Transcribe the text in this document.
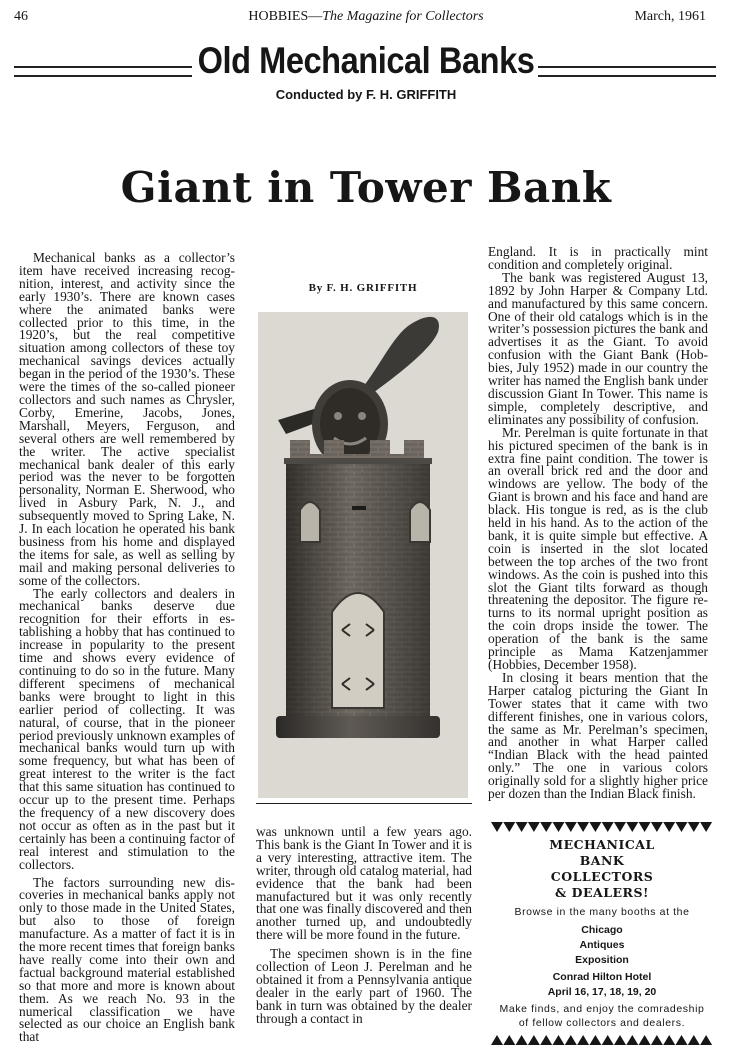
46	HOBBIES—The Magazine for Collectors	March, 1961
Old Mechanical Banks
Conducted by F. H. GRIFFITH
Giant in Tower Bank

Mechanical banks as a collector’s item have received increasing recognition, interest, and activity since the early 1930’s. There are known cases where the animated banks were collected prior to this time, in the 1920’s, but the real competitive situation among collectors of these toy mechanical savings devices actually began in the period of the 1930’s. These were the times of the so-called pioneer collectors and such names as Chrysler, Corby, Emerine, Jacobs, Jones, Marshall, Meyers, Ferguson, and several others are well remembered by the writer. The active specialist mechanical bank dealer of this early period was the never to be forgotten personality, Norman E. Sherwood, who lived in Asbury Park, N. J., and subsequently moved to Spring Lake, N. J. In each location he operated his bank business from his home and displayed the items for sale, as well as selling by mail and making personal deliveries to some of the collectors.

The early collectors and dealers in mechanical banks deserve due recognition for their efforts in establishing a hobby that has continued to increase in popularity to the present time and shows every evidence of continuing to do so in the future. Many different specimens of mechanical banks were brought to light in this earlier period of collecting. It was natural, of course, that in the pioneer period previously unknown examples of mechanical banks would turn up with some frequency, but what has been of great interest to the writer is the fact that this same situation has continued to occur up to the present time. Perhaps the frequency of a new discovery does not occur as often as in the past but it certainly has been a continuing factor of real interest and stimulation to the collectors.

The factors surrounding new discoveries in mechanical banks apply not only to those made in the United States, but also to those of foreign manufacture. As a matter of fact it is in the more recent times that foreign banks have really come into their own and factual background material established so that more and more is known about them. As we reach No. 93 in the numerical classification we have selected as our choice an English bank that

By F. H. GRIFFITH

was unknown until a few years ago. This bank is the Giant In Tower and it is a very interesting, attractive item. The writer, through old catalog material, had evidence that the bank had been manufactured but it was only recently that one was finally discovered and then another turned up, and undoubtedly there will be more found in the future.

The specimen shown is in the fine collection of Leon J. Perelman and he obtained it from a Pennsylvania antique dealer in the early part of 1960. The bank in turn was obtained by the dealer through a contact in

England. It is in practically mint condition and completely original.

The bank was registered August 13, 1892 by John Harper & Company Ltd. and manufactured by this same concern. One of their old catalogs which is in the writer’s possession pictures the bank and advertises it as the Giant. To avoid confusion with the Giant Bank (Hobbies, July 1952) made in our country the writer has named the English bank under discussion Giant In Tower. This name is simple, completely descriptive, and eliminates any possibility of confusion.

Mr. Perelman is quite fortunate in that his pictured specimen of the bank is in extra fine paint condition. The tower is an overall brick red and the door and windows are yellow. The body of the Giant is brown and his face and hand are black. His tongue is red, as is the club held in his hand. As to the action of the bank, it is quite simple but effective. A coin is inserted in the slot located between the top arches of the two front windows. As the coin is pushed into this slot the Giant tilts forward as though threatening the depositor. The figure returns to its normal upright position as the coin drops inside the tower. The operation of the bank is the same principle as Mama Katzenjammer (Hobbies, December 1958).

In closing it bears mention that the Harper catalog picturing the Giant In Tower states that it came with two different finishes, one in various colors, the same as Mr. Perelman’s specimen, and another in what Harper called “Indian Black with the head painted only.” The one in various colors originally sold for a slightly higher price per dozen than the Indian Black finish.

MECHANICAL
BANK
COLLECTORS
& DEALERS!
Browse in the many booths at the
Chicago
Antiques
Exposition
Conrad Hilton Hotel
April 16, 17, 18, 19, 20
Make finds, and enjoy the comradeship
of fellow collectors and dealers.
